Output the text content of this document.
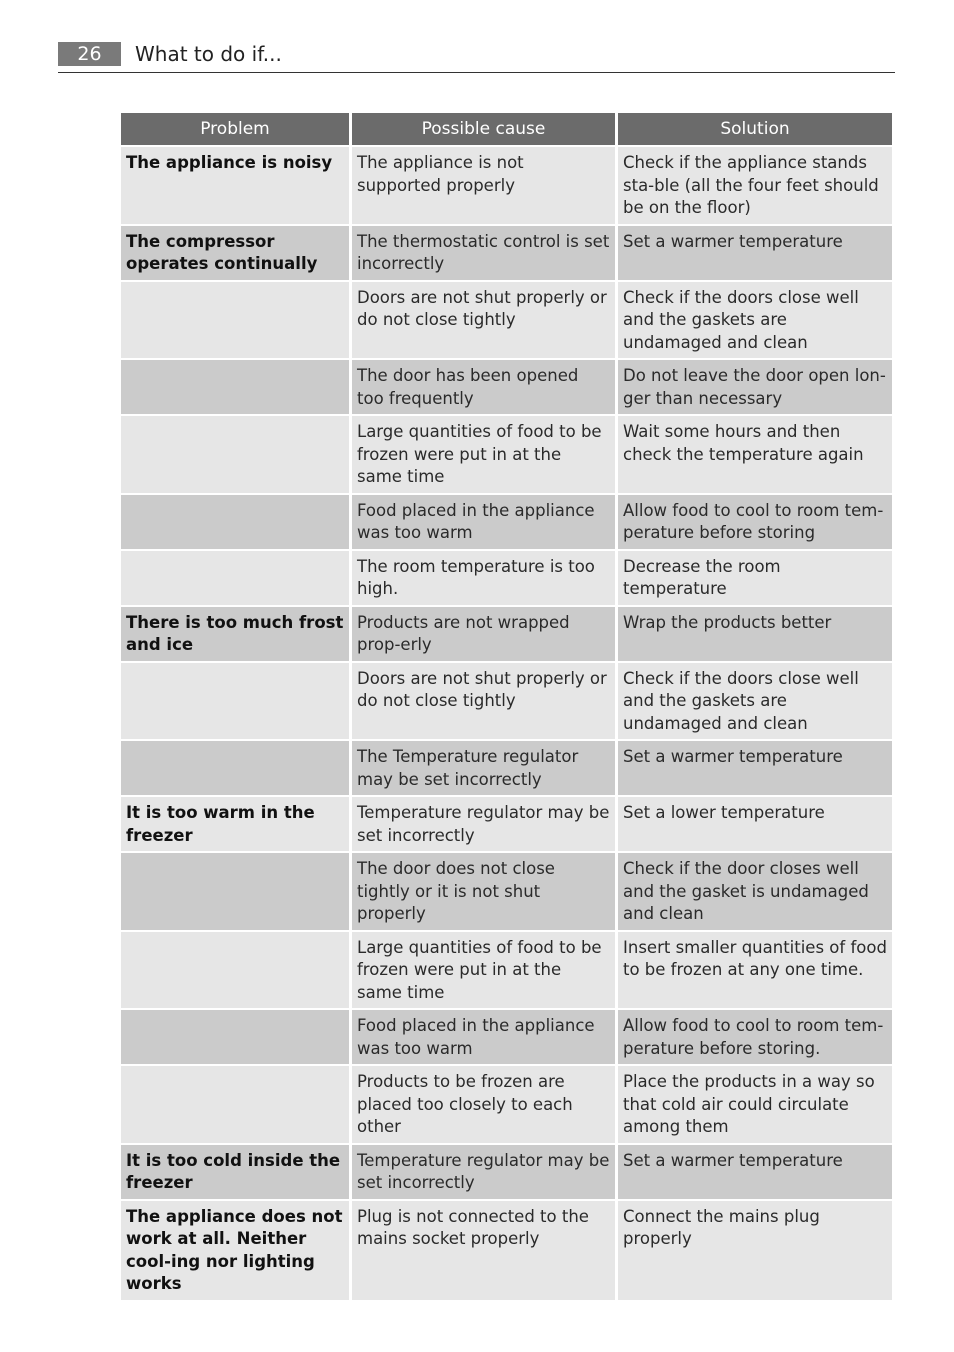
26	What to do if...
Problem	Possible cause	Solution
The appliance is noisy	The appliance is not supported properly	Check if the appliance stands sta-ble (all the four feet should be on the floor)
The compressor operates continually	The thermostatic control is set incorrectly	Set a warmer temperature
	Doors are not shut properly or do not close tightly	Check if the doors close well and the gaskets are undamaged and clean
	The door has been opened too frequently	Do not leave the door open lon-ger than necessary
	Large quantities of food to be frozen were put in at the same time	Wait some hours and then check the temperature again
	Food placed in the appliance was too warm	Allow food to cool to room tem-perature before storing
	The room temperature is too high.	Decrease the room temperature
There is too much frost and ice	Products are not wrapped prop-erly	Wrap the products better
	Doors are not shut properly or do not close tightly	Check if the doors close well and the gaskets are undamaged and clean
	The Temperature regulator may be set incorrectly	Set a warmer temperature
It is too warm in the freezer	Temperature regulator may be set incorrectly	Set a lower temperature
	The door does not close tightly or it is not shut properly	Check if the door closes well and the gasket is undamaged and clean
	Large quantities of food to be frozen were put in at the same time	Insert smaller quantities of food to be frozen at any one time.
	Food placed in the appliance was too warm	Allow food to cool to room tem-perature before storing.
	Products to be frozen are placed too closely to each other	Place the products in a way so that cold air could circulate among them
It is too cold inside the freezer	Temperature regulator may be set incorrectly	Set a warmer temperature
The appliance does not work at all. Neither cool-ing nor lighting works	Plug is not connected to the mains socket properly	Connect the mains plug properly
